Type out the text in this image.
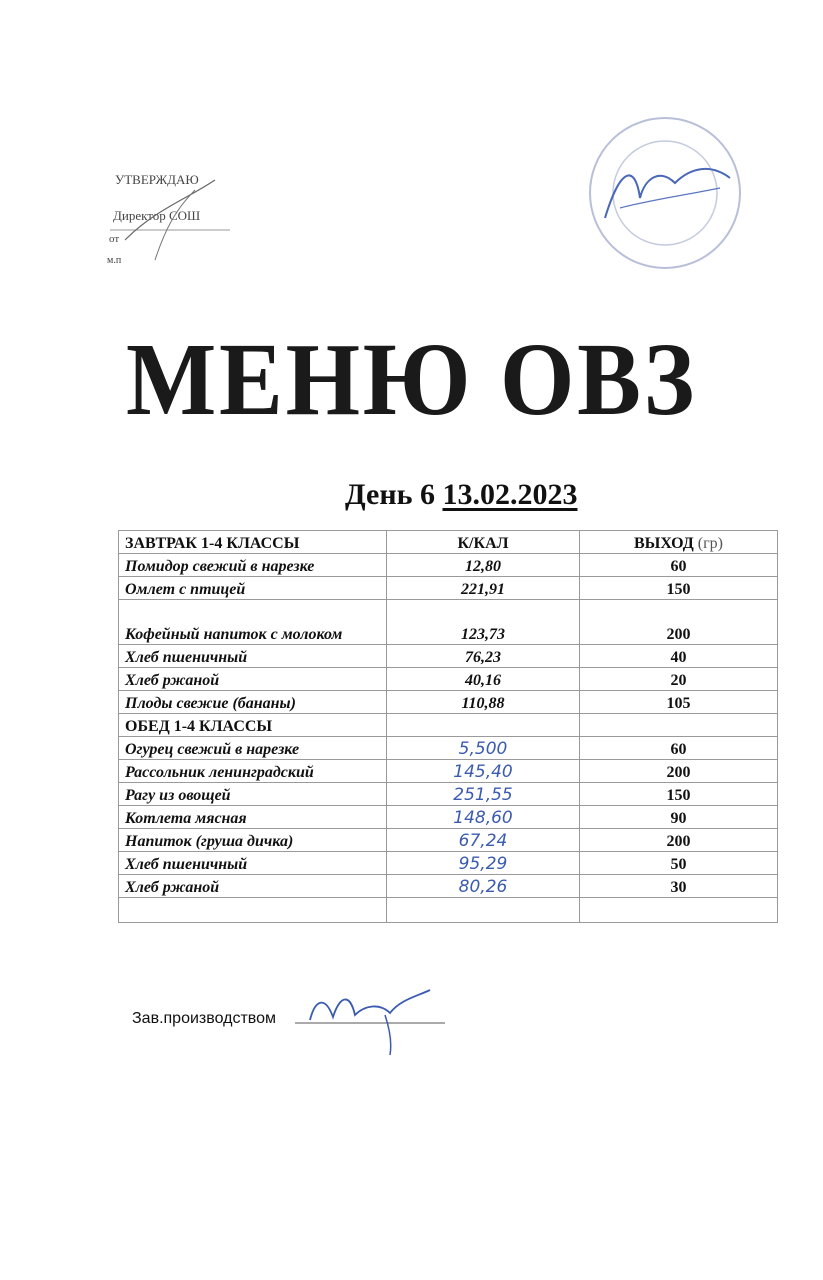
УТВЕРЖДАЮ
Директор СОШ
от
м.п
МЕНЮ ОВЗ
День 6 13.02.2023
ЗАВТРАК 1-4 КЛАССЫ	К/КАЛ	ВЫХОД (гр)
Помидор свежий в нарезке	12,80	60
Омлет с птицей	221,91	150
Кофейный напиток с молоком	123,73	200
Хлеб пшеничный	76,23	40
Хлеб ржаной	40,16	20
Плоды свежие (бананы)	110,88	105
ОБЕД 1-4 КЛАССЫ		
Огурец свежий в нарезке	5,500	60
Рассольник ленинградский	145,40	200
Рагу из овощей	251,55	150
Котлета мясная	148,60	90
Напиток (груша дичка)	67,24	200
Хлеб пшеничный	95,29	50
Хлеб ржаной	80,26	30

Зав.производством
